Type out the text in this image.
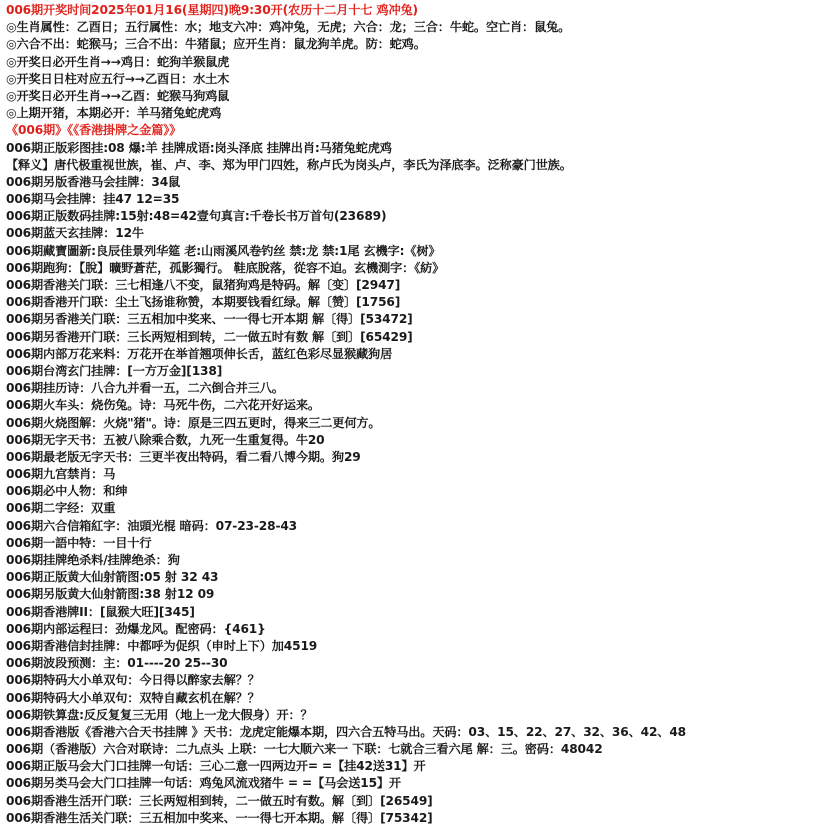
006期开奖时间2025年01月16(星期四)晚9:30开(农历十二月十七 鸡冲兔)
◎生肖属性：乙酉日；五行属性：水；地支六冲：鸡冲兔，无虎；六合：龙；三合：牛蛇。空亡肖：鼠兔。
◎六合不出：蛇猴马；三合不出：牛猪鼠；应开生肖：鼠龙狗羊虎。防：蛇鸡。
◎开奖日必开生肖→→鸡日：蛇狗羊猴鼠虎
◎开奖日日柱对应五行→→乙酉日：水土木
◎开奖日必开生肖→→乙酉：蛇猴马狗鸡鼠
◎上期开猪，本期必开：羊马猪兔蛇虎鸡
《006期》《《香港掛牌之金篇》》
006期正版彩图挂:08 爆:羊 挂牌成语:岗头泽底 挂牌出肖:马猪兔蛇虎鸡
【释义】唐代极重视世族，崔、卢、李、郑为甲门四姓，称卢氏为岗头卢，李氏为泽底李。泛称豪门世族。
006期另版香港马会挂牌：34鼠
006期马会挂牌：挂47 12=35
006期正版数码挂牌:15射:48=42壹句真言:千卷长书万首句(23689)
006期蓝天玄挂牌：12牛
006期藏寶圖新:良辰佳景列华筵 老:山雨溪风卷钓丝 禁:龙 禁:1尾 玄機字:《树》
006期跑狗：【脫】曠野蒼茫，孤影獨行。 鞋底脫落，從容不迫。玄機測字：《紡》
006期香港关门联：三七相逢八不变，鼠猪狗鸡是特码。解〔变〕[2947]
006期香港开门联：尘土飞扬谁称赞，本期要钱看红绿。解〔赞〕[1756]
006期另香港关门联：三五相加中奖来、一一得七开本期 解〔得〕[53472]
006期另香港开门联：三长两短相到转，二一做五时有数 解〔到〕[65429]
006期内部万花来料：万花开在举首翘项伸长舌，蓝红色彩尽显猴藏狗居
006期台湾玄门挂牌：[一方万金][138]
006期挂历诗：八合九并看一五，二六倒合并三八。
006期火车头：烧伤兔。诗：马死牛伤，二六花开好运来。
006期火烧图解：火烧"猪"。诗：原是三四五更时，得来三二更何方。
006期无字天书：五被八除乘合数，九死一生重复得。牛20
006期最老版无字天书：三更半夜出特码，看二看八博今期。狗29
006期九宫禁肖：马
006期必中人物：和绅
006期二字经：双重
006期六合信箱紅字：油頭光棍 暗码：07-23-28-43
006期一語中特：一目十行
006期挂牌绝杀料/挂牌绝杀：狗
006期正版黄大仙射箭图:05 射 32 43
006期另版黄大仙射箭图:38 射12 09
006期香港牌II：[鼠猴大旺][345]
006期内部运程曰：劲爆龙风。配密码：{461}
006期香港信封挂牌：中都呼为促织（申时上下）加4519
006期波段预测：主：01----20 25--30
006期特码大小单双句：今日得以醉家去解？？
006期特码大小单双句：双特自藏玄机在解？？
006期铁算盘:反反复复三无用（地上一龙大假身）开：？
006期香港版《香港六合天书挂牌 》天书：龙虎定能爆本期，四六合五特马出。天码：03、15、22、27、32、36、42、48
006期（香港版）六合对联诗：二九点头 上联：一七大顺六来一 下联：七就合三看六尾 解：三。密码：48042
006期正版马会大门口挂牌一句话：三心二意一四两边开= =【挂42送31】开
006期另类马会大门口挂牌一句话：鸡兔风流戏猪牛 = =【马会送15】开
006期香港生活开门联：三长两短相到转，二一做五时有数。解〔到〕[26549]
006期香港生活关门联：三五相加中奖来、一一得七开本期。解〔得〕[75342]
